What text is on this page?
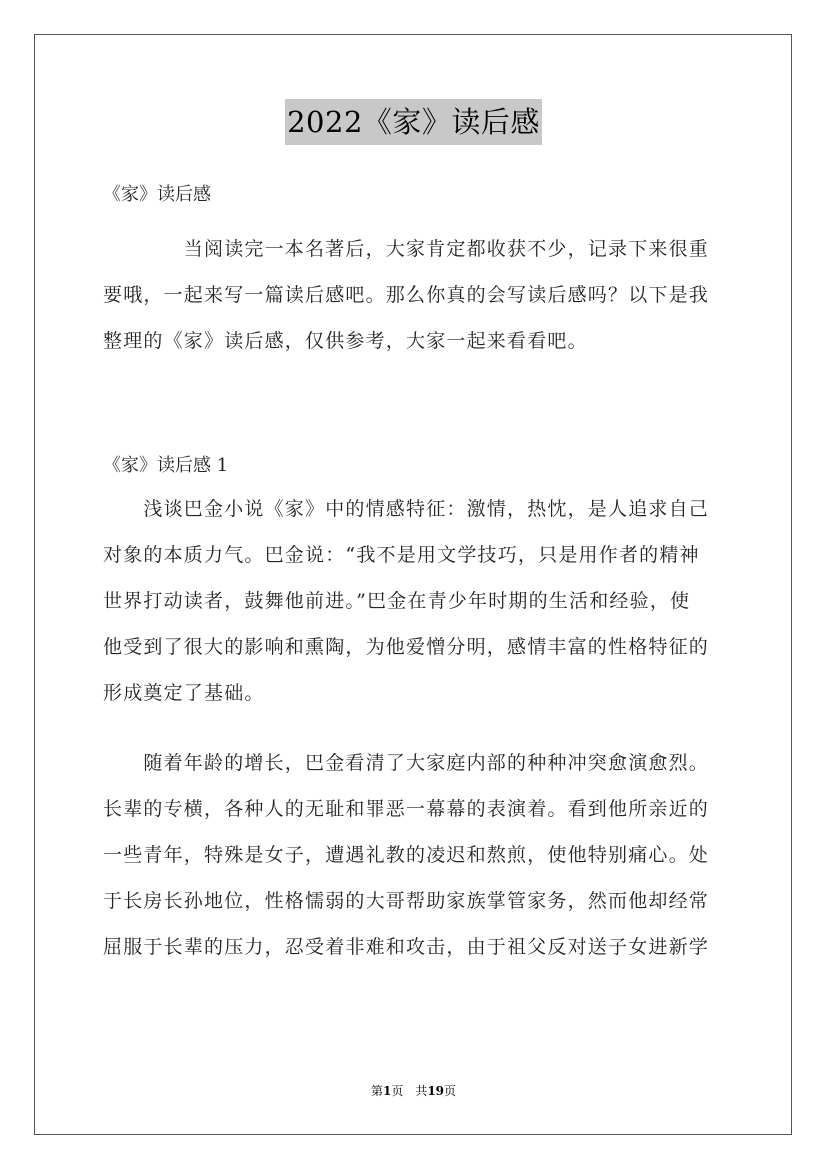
2022《家》读后感
《家》读后感
　　　　当阅读完一本名著后，大家肯定都收获不少，记录下来很重
要哦，一起来写一篇读后感吧。那么你真的会写读后感吗？以下是我
整理的《家》读后感，仅供参考，大家一起来看看吧。
《家》读后感 1
　　浅谈巴金小说《家》中的情感特征：激情，热忱，是人追求自己
对象的本质力气。巴金说：“我不是用文学技巧，只是用作者的精神
世界打动读者，鼓舞他前进。”巴金在青少年时期的生活和经验，使
他受到了很大的影响和熏陶，为他爱憎分明，感情丰富的性格特征的
形成奠定了基础。
　　随着年龄的增长，巴金看清了大家庭内部的种种冲突愈演愈烈。
长辈的专横，各种人的无耻和罪恶一幕幕的表演着。看到他所亲近的
一些青年，特殊是女子，遭遇礼教的凌迟和熬煎，使他特别痛心。处
于长房长孙地位，性格懦弱的大哥帮助家族掌管家务，然而他却经常
屈服于长辈的压力，忍受着非难和攻击，由于祖父反对送子女进新学
第1页　共19页
